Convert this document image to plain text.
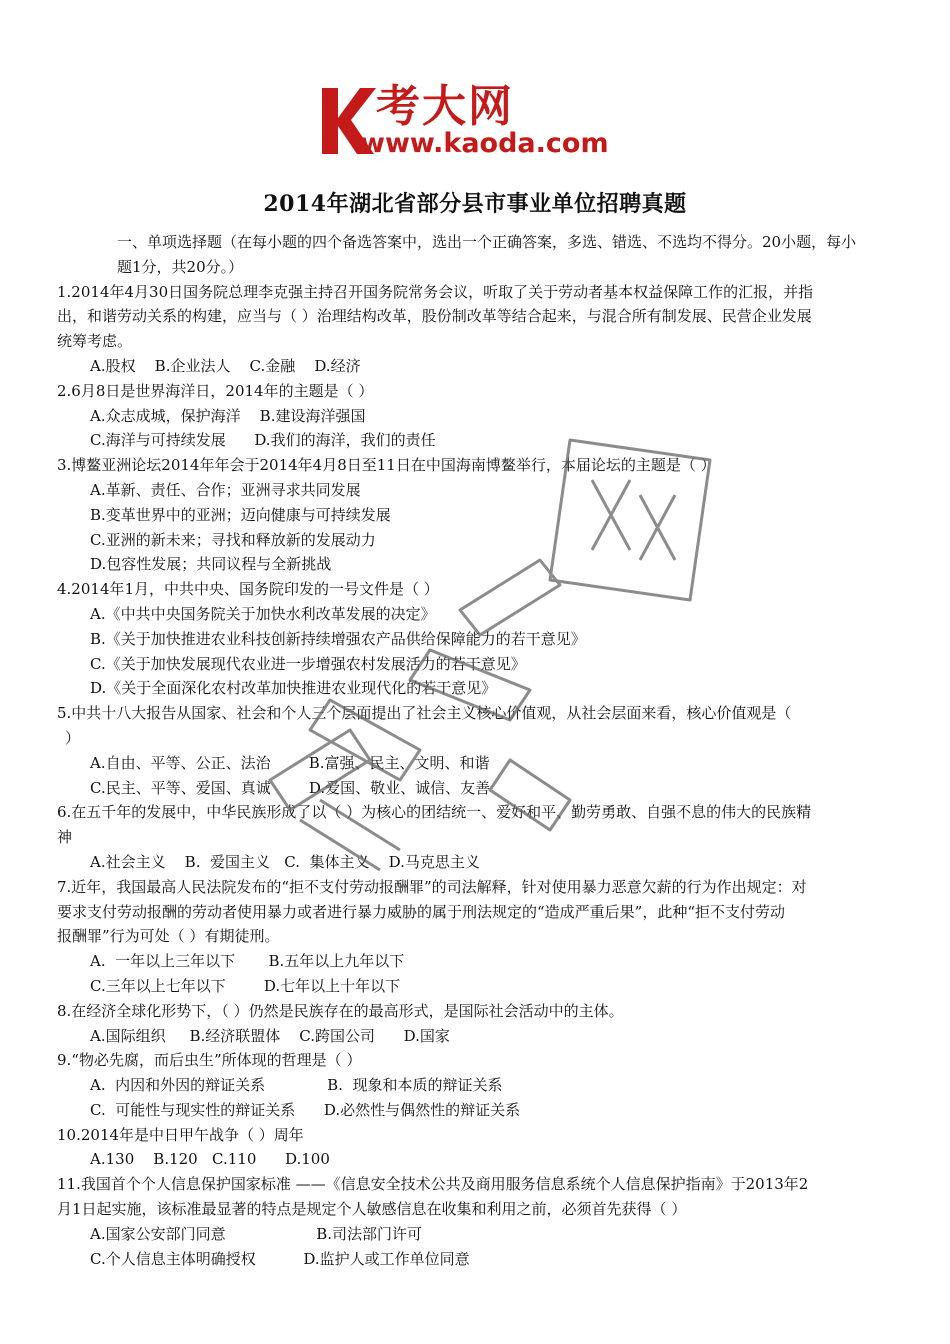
考大网
www.kaoda.com
2014年湖北省部分县市事业单位招聘真题
一、单项选择题（在每小题的四个备选答案中，选出一个正确答案，多选、错选、不选均不得分。20小题，每小
题1分，共20分。）
1.2014年4月30日国务院总理李克强主持召开国务院常务会议，听取了关于劳动者基本权益保障工作的汇报，并指
出，和谐劳动关系的构建，应当与（ ）治理结构改革，股份制改革等结合起来，与混合所有制发展、民营企业发展
统筹考虑。
A.股权    B.企业法人    C.金融    D.经济
2.6月8日是世界海洋日，2014年的主题是（ ）
A.众志成城，保护海洋    B.建设海洋强国
C.海洋与可持续发展      D.我们的海洋，我们的责任
3.博鳌亚洲论坛2014年年会于2014年4月8日至11日在中国海南博鳌举行，本届论坛的主题是（ ）
A.革新、责任、合作；亚洲寻求共同发展
B.变革世界中的亚洲；迈向健康与可持续发展
C.亚洲的新未来；寻找和释放新的发展动力
D.包容性发展；共同议程与全新挑战
4.2014年1月，中共中央、国务院印发的一号文件是（ ）
A.《中共中央国务院关于加快水利改革发展的决定》
B.《关于加快推进农业科技创新持续增强农产品供给保障能力的若干意见》
C.《关于加快发展现代农业进一步增强农村发展活力的若干意见》
D.《关于全面深化农村改革加快推进农业现代化的若干意见》
5.中共十八大报告从国家、社会和个人三个层面提出了社会主义核心价值观，从社会层面来看，核心价值观是（
）
A.自由、平等、公正、法治        B.富强、民主、文明、和谐
C.民主、平等、爱国、真诚        D.爱国、敬业、诚信、友善
6.在五千年的发展中，中华民族形成了以（ ）为核心的团结统一、爱好和平、勤劳勇敢、自强不息的伟大的民族精
神
A.社会主义    B.  爱国主义   C.  集体主义    D.马克思主义
7.近年，我国最高人民法院发布的“拒不支付劳动报酬罪”的司法解释，针对使用暴力恶意欠薪的行为作出规定：对
要求支付劳动报酬的劳动者使用暴力或者进行暴力威胁的属于刑法规定的“造成严重后果”，此种“拒不支付劳动
报酬罪”行为可处（ ）有期徒刑。
A.  一年以上三年以下       B.五年以上九年以下
C.三年以上七年以下        D.七年以上十年以下
8.在经济全球化形势下，（ ）仍然是民族存在的最高形式，是国际社会活动中的主体。
A.国际组织     B.经济联盟体    C.跨国公司      D.国家
9.“物必先腐，而后虫生”所体现的哲理是（ ）
A.  内因和外因的辩证关系             B.  现象和本质的辩证关系
C.  可能性与现实性的辩证关系      D.必然性与偶然性的辩证关系
10.2014年是中日甲午战争（ ）周年
A.130    B.120   C.110      D.100
11.我国首个个人信息保护国家标准 ——《信息安全技术公共及商用服务信息系统个人信息保护指南》于2013年2
月1日起实施，该标准最显著的特点是规定个人敏感信息在收集和利用之前，必须首先获得（ ）
A.国家公安部门同意                   B.司法部门许可
C.个人信息主体明确授权          D.监护人或工作单位同意
